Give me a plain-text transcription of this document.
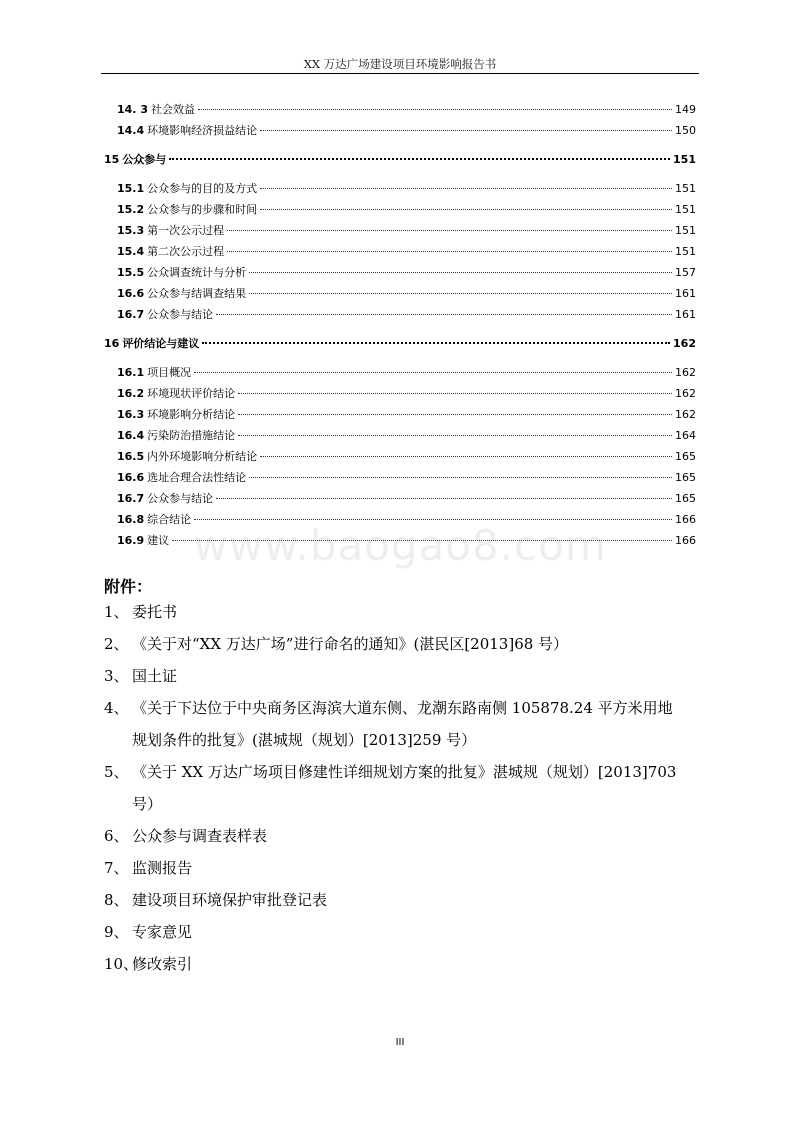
XX 万达广场建设项目环境影响报告书
14. 3 社会效益	149
14.4 环境影响经济损益结论	150
15 公众参与	151
15.1 公众参与的目的及方式	151
15.2 公众参与的步骤和时间	151
15.3 第一次公示过程	151
15.4 第二次公示过程	151
15.5 公众调查统计与分析	157
16.6 公众参与结调查结果	161
16.7 公众参与结论	161
16 评价结论与建议	162
16.1 项目概况	162
16.2 环境现状评价结论	162
16.3 环境影响分析结论	162
16.4 污染防治措施结论	164
16.5 内外环境影响分析结论	165
16.6 选址合理合法性结论	165
16.7 公众参与结论	165
16.8 综合结论	166
16.9 建议	166
www.baogao8.com
附件：
1、 委托书
2、 《关于对“XX 万达广场”进行命名的通知》(湛民区[2013]68 号）
3、 国土证
4、 《关于下达位于中央商务区海滨大道东侧、龙潮东路南侧 105878.24 平方米用地
规划条件的批复》(湛城规（规划）[2013]259 号）
5、 《关于 XX 万达广场项目修建性详细规划方案的批复》湛城规（规划）[2013]703
号）
6、 公众参与调查表样表
7、 监测报告
8、 建设项目环境保护审批登记表
9、 专家意见
10、修改索引
III
